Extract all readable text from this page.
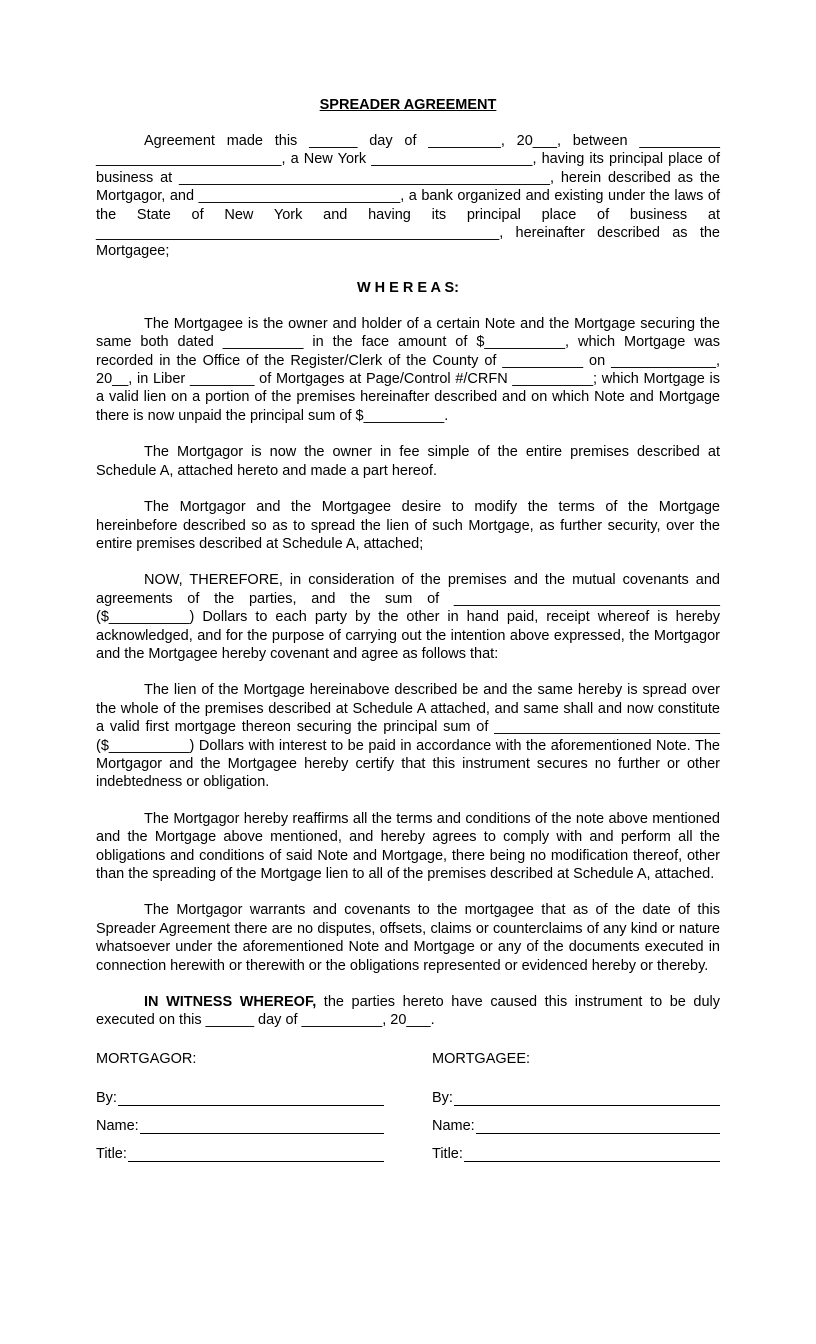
SPREADER AGREEMENT

Agreement made this ______ day of _________, 20___, between __________ _______________________, a New York ____________________, having its principal place of business at ______________________________________________, herein described as the Mortgagor, and _________________________, a bank organized and existing under the laws of the State of New York and having its principal place of business at __________________________________________________, hereinafter described as the Mortgagee;

W H E R E A S:

The Mortgagee is the owner and holder of a certain Note and the Mortgage securing the same both dated __________ in the face amount of $__________, which Mortgage was recorded in the Office of the Register/Clerk of the County of __________ on _____________, 20__, in Liber ________ of Mortgages at Page/Control #/CRFN __________; which Mortgage is a valid lien on a portion of the premises hereinafter described and on which Note and Mortgage there is now unpaid the principal sum of $__________.

The Mortgagor is now the owner in fee simple of the entire premises described at Schedule A, attached hereto and made a part hereof.

The Mortgagor and the Mortgagee desire to modify the terms of the Mortgage hereinbefore described so as to spread the lien of such Mortgage, as further security, over the entire premises described at Schedule A, attached;

NOW, THEREFORE, in consideration of the premises and the mutual covenants and agreements of the parties, and the sum of _________________________________ ($__________) Dollars to each party by the other in hand paid, receipt whereof is hereby acknowledged, and for the purpose of carrying out the intention above expressed, the Mortgagor and the Mortgagee hereby covenant and agree as follows that:

The lien of the Mortgage hereinabove described be and the same hereby is spread over the whole of the premises described at Schedule A attached, and same shall and now constitute a valid first mortgage thereon securing the principal sum of ____________________________ ($__________) Dollars with interest to be paid in accordance with the aforementioned Note. The Mortgagor and the Mortgagee hereby certify that this instrument secures no further or other indebtedness or obligation.

The Mortgagor hereby reaffirms all the terms and conditions of the note above mentioned and the Mortgage above mentioned, and hereby agrees to comply with and perform all the obligations and conditions of said Note and Mortgage, there being no modification thereof, other than the spreading of the Mortgage lien to all of the premises described at Schedule A, attached.

The Mortgagor warrants and covenants to the mortgagee that as of the date of this Spreader Agreement there are no disputes, offsets, claims or counterclaims of any kind or nature whatsoever under the aforementioned Note and Mortgage or any of the documents executed in connection herewith or therewith or the obligations represented or evidenced hereby or thereby.

IN WITNESS WHEREOF, the parties hereto have caused this instrument to be duly executed on this ______ day of __________, 20___.

MORTGAGOR:
By:
Name:
Title:
MORTGAGEE:
By:
Name:
Title:
